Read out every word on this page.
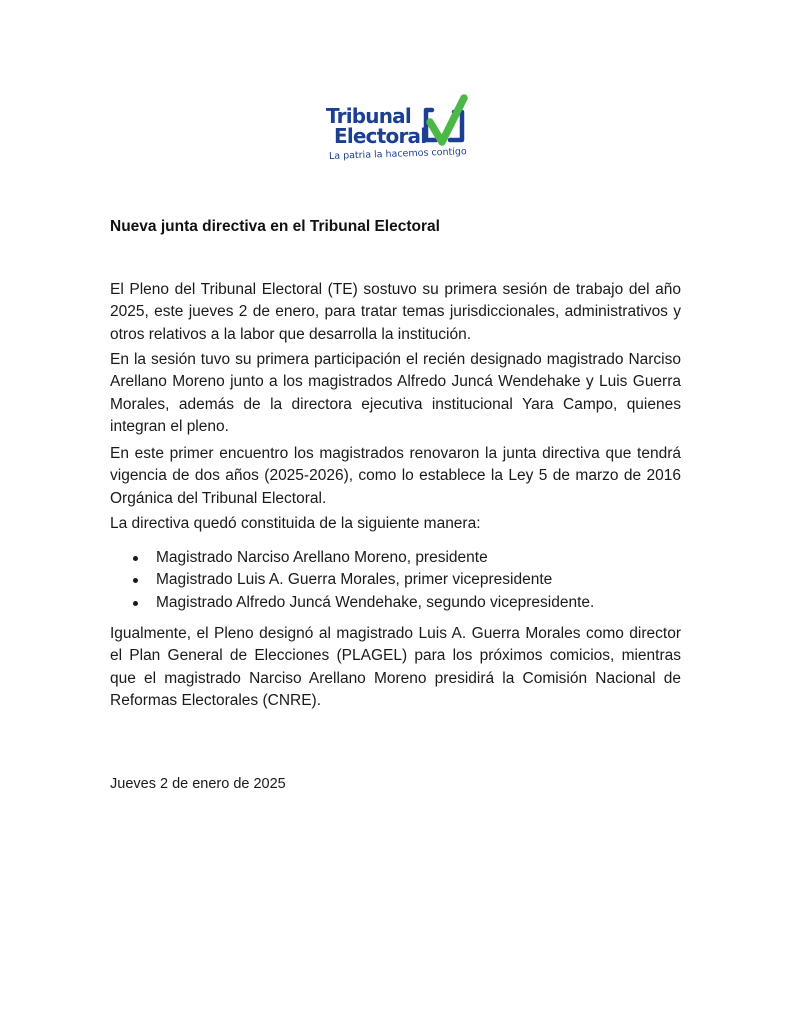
Tribunal
Electoral
La patria la hacemos contigo
Nueva junta directiva en el Tribunal Electoral

El Pleno del Tribunal Electoral (TE) sostuvo su primera sesión de trabajo del año 2025, este jueves 2 de enero, para tratar temas jurisdiccionales, administrativos y otros relativos a la labor que desarrolla la institución.

En la sesión tuvo su primera participación el recién designado magistrado Narciso Arellano Moreno junto a los magistrados Alfredo Juncá Wendehake y Luis Guerra Morales, además de la directora ejecutiva institucional Yara Campo, quienes integran el pleno.

En este primer encuentro los magistrados renovaron la junta directiva que tendrá vigencia de dos años (2025-2026), como lo establece la Ley 5 de marzo de 2016 Orgánica del Tribunal Electoral.

La directiva quedó constituida de la siguiente manera:

Magistrado Narciso Arellano Moreno, presidente
Magistrado Luis A. Guerra Morales, primer vicepresidente
Magistrado Alfredo Juncá Wendehake, segundo vicepresidente.

Igualmente, el Pleno designó al magistrado Luis A. Guerra Morales como director el Plan General de Elecciones (PLAGEL) para los próximos comicios, mientras que el magistrado Narciso Arellano Moreno presidirá la Comisión Nacional de Reformas Electorales (CNRE).

Jueves 2 de enero de 2025
